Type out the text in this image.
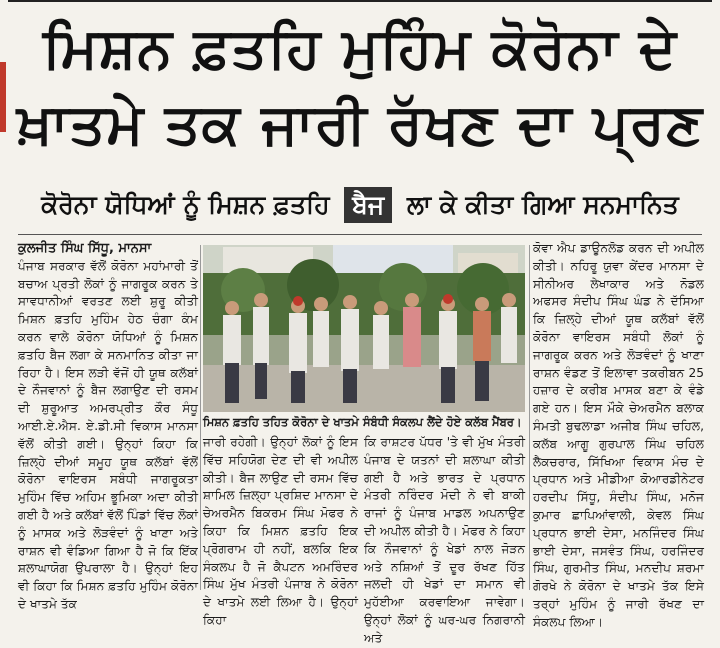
ਮਿਸ਼ਨ ਫ਼ਤਹਿ ਮੁਹਿੰਮ ਕੋਰੋਨਾ ਦੇ
ਖ਼ਾਤਮੇ ਤਕ ਜਾਰੀ ਰੱਖਣ ਦਾ ਪ੍ਰਣ
ਕੋਰੋਨਾ ਯੋਧਿਆਂ ਨੂੰ ਮਿਸ਼ਨ ਫ਼ਤਹਿ ਬੈਜ ਲਾ ਕੇ ਕੀਤਾ ਗਿਆ ਸਨਮਾਨਿਤ

ਕੁਲਜੀਤ ਸਿੰਘ ਸਿੱਧੂ, ਮਾਨਸਾ

ਪੰਜਾਬ ਸਰਕਾਰ ਵੱਲੋਂ ਕੋਰੋਨਾ ਮਹਾਂਮਾਰੀ ਤੋਂ ਬਚਾਅ ਪ੍ਰਤੀ ਲੋਕਾਂ ਨੂੰ ਜਾਗਰੂਕ ਕਰਨ ਤੇ ਸਾਵਧਾਨੀਆਂ ਵਰਤਣ ਲਈ ਸ਼ੁਰੂ ਕੀਤੀ ਮਿਸ਼ਨ ਫ਼ਤਹਿ ਮੁਹਿੰਮ ਹੇਠ ਚੰਗਾ ਕੰਮ ਕਰਨ ਵਾਲੇ ਕੋਰੋਨਾ ਯੋਧਿਆਂ ਨੂੰ ਮਿਸ਼ਨ ਫ਼ਤਹਿ ਬੈਜ ਲਗਾ ਕੇ ਸਨਮਾਨਿਤ ਕੀਤਾ ਜਾ ਰਿਹਾ ਹੈ। ਇਸ ਲੜੀ ਵੱਜੋਂ ਹੀ ਯੂਥ ਕਲੱਬਾਂ ਦੇ ਨੌਜਵਾਨਾਂ ਨੂੰ ਬੈਜ ਲਗਾਉਣ ਦੀ ਰਸਮ ਦੀ ਸ਼ੁਰੂਆਤ ਅਮਰਪ੍ਰੀਤ ਕੌਰ ਸੰਧੂ ਆਈ.ਏ.ਐਸ. ਏ.ਡੀ.ਸੀ ਵਿਕਾਸ ਮਾਨਸਾ ਵੱਲੋਂ ਕੀਤੀ ਗਈ। ਉਨ੍ਹਾਂ ਕਿਹਾ ਕਿ ਜ਼ਿਲ੍ਹੇ ਦੀਆਂ ਸਮੂਹ ਯੂਥ ਕਲੱਬਾਂ ਵੱਲੋਂ ਕੋਰੋਨਾ ਵਾਇਰਸ ਸਬੰਧੀ ਜਾਗਰੂਕਤਾ ਮੁਹਿੰਮ ਵਿੱਚ ਅਹਿਮ ਭੂਮਿਕਾ ਅਦਾ ਕੀਤੀ ਗਈ ਹੈ ਅਤੇ ਕਲੱਬਾਂ ਵੱਲੋਂ ਪਿੰਡਾਂ ਵਿੱਚ ਲੋਕਾਂ ਨੂੰ ਮਾਸਕ ਅਤੇ ਲੋੜਵੰਦਾਂ ਨੂੰ ਖਾਣਾ ਅਤੇ ਰਾਸ਼ਨ ਵੀ ਵੰਡਿਆ ਗਿਆ ਹੈ ਜੋ ਕਿ ਇੱਕ ਸ਼ਲਾਘਾਯੋਗ ਉਪਰਾਲਾ ਹੈ। ਉਨ੍ਹਾਂ ਇਹ ਵੀ ਕਿਹਾ ਕਿ ਮਿਸ਼ਨ ਫ਼ਤਹਿ ਮੁਹਿੰਮ ਕੋਰੋਨਾ ਦੇ ਖਾਤਮੇ ਤੱਕ

ਮਿਸ਼ਨ ਫ਼ਤਹਿ ਤਹਿਤ ਕੋਰੋਨਾ ਦੇ ਖਾਤਮੇ ਸੰਬੰਧੀ ਸੰਕਲਪ ਲੈਂਦੇ ਹੋਏ ਕਲੱਬ ਮੈਂਬਰ।

ਜਾਰੀ ਰਹੇਗੀ। ਉਨ੍ਹਾਂ ਲੋਕਾਂ ਨੂੰ ਇਸ ਵਿੱਚ ਸਹਿਯੋਗ ਦੇਣ ਦੀ ਵੀ ਅਪੀਲ ਕੀਤੀ। ਬੈਜ ਲਾਉਣ ਦੀ ਰਸਮ ਵਿੱਚ ਸ਼ਾਮਿਲ ਜ਼ਿਲ੍ਹਾ ਪ੍ਰਸ਼ਿਦ ਮਾਨਸਾ ਦੇ ਚੇਅਰਮੈਨ ਬਿਕਰਮ ਸਿੰਘ ਮੋਫਰ ਨੇ ਕਿਹਾ ਕਿ ਮਿਸ਼ਨ ਫ਼ਤਹਿ ਇਕ ਪ੍ਰੋਗਰਾਮ ਹੀ ਨਹੀਂ, ਬਲਕਿ ਇਕ ਸੰਕਲਪ ਹੈ ਜੋ ਕੈਪਟਨ ਅਮਰਿੰਦਰ ਸਿੰਘ ਮੁੱਖ ਮੰਤਰੀ ਪੰਜਾਬ ਨੇ ਕੋਰੋਨਾ ਦੇ ਖਾਤਮੇ ਲਈ ਲਿਆ ਹੈ। ਉਨ੍ਹਾਂ ਕਿਹਾ

ਕਿ ਰਾਸ਼ਟਰ ਪੱਧਰ 'ਤੇ ਵੀ ਮੁੱਖ ਮੰਤਰੀ ਪੰਜਾਬ ਦੇ ਯਤਨਾਂ ਦੀ ਸ਼ਲਾਘਾ ਕੀਤੀ ਗਈ ਹੈ ਅਤੇ ਭਾਰਤ ਦੇ ਪ੍ਰਧਾਨ ਮੰਤਰੀ ਨਰਿੰਦਰ ਮੋਦੀ ਨੇ ਵੀ ਬਾਕੀ ਰਾਜਾਂ ਨੂੰ ਪੰਜਾਬ ਮਾਡਲ ਅਪਨਾਉਣ ਦੀ ਅਪੀਲ ਕੀਤੀ ਹੈ। ਮੋਫਰ ਨੇ ਕਿਹਾ ਕਿ ਨੌਜਵਾਨਾਂ ਨੂੰ ਖੇਡਾਂ ਨਾਲ ਜੋੜਨ ਅਤੇ ਨਸ਼ਿਆਂ ਤੋਂ ਦੂਰ ਰੱਖਣ ਹਿੱਤ ਜਲਦੀ ਹੀ ਖੇਡਾਂ ਦਾ ਸਮਾਨ ਵੀ ਮੁਹੱਈਆ ਕਰਵਾਇਆ ਜਾਵੇਗਾ। ਉਨ੍ਹਾਂ ਲੋਕਾਂ ਨੂੰ ਘਰ-ਘਰ ਨਿਗਰਾਨੀ ਅਤੇ

ਕੋਵਾ ਐਪ ਡਾਊਨਲੋਡ ਕਰਨ ਦੀ ਅਪੀਲ ਕੀਤੀ। ਨਹਿਰੂ ਯੁਵਾ ਕੇਂਦਰ ਮਾਨਸਾ ਦੇ ਸੀਨੀਅਰ ਲੇਖਾਕਾਰ ਅਤੇ ਨੋਡਲ ਅਫਸਰ ਸੰਦੀਪ ਸਿੰਘ ਘੰਡ ਨੇ ਦੱਸਿਆ ਕਿ ਜ਼ਿਲ੍ਹੇ ਦੀਆਂ ਯੂਥ ਕਲੱਬਾਂ ਵੱਲੋਂ ਕੋਰੋਨਾ ਵਾਇਰਸ ਸਬੰਧੀ ਲੋਕਾਂ ਨੂੰ ਜਾਗਰੂਕ ਕਰਨ ਅਤੇ ਲੋੜਵੰਦਾਂ ਨੂੰ ਖਾਣਾ ਰਾਸ਼ਨ ਵੰਡਣ ਤੋਂ ਇਲਾਵਾ ਤਕਰੀਬਨ 25 ਹਜ਼ਾਰ ਦੇ ਕਰੀਬ ਮਾਸਕ ਬਣਾ ਕੇ ਵੰਡੇ ਗਏ ਹਨ। ਇਸ ਮੌਕੇ ਚੇਅਰਮੈਨ ਬਲਾਕ ਸੰਮਤੀ ਬੁਢਲਾਡਾ ਅਜੀਬ ਸਿੰਘ ਚਹਿਲ, ਕਲੱਬ ਆਗੂ ਗੁਰਪਾਲ ਸਿੰਘ ਚਹਿਲ ਲੈਕਚਰਾਰ, ਸਿੱਖਿਆ ਵਿਕਾਸ ਮੰਚ ਦੇ ਪ੍ਰਧਾਨ ਅਤੇ ਮੀਡੀਆ ਕੋਆਰਡੀਨੇਟਰ ਹਰਦੀਪ ਸਿੱਧੂ, ਸੰਦੀਪ ਸਿੰਘ, ਮਨੋਜ ਕੁਮਾਰ ਛਾਪਿਆਂਵਾਲੀ, ਕੇਵਲ ਸਿੰਘ ਪ੍ਰਧਾਨ ਭਾਈ ਦੇਸਾ, ਮਨਜਿੰਦਰ ਸਿੰਘ ਭਾਈ ਦੇਸਾ, ਜਸਵੰਤ ਸਿੰਘ, ਹਰਜਿੰਦਰ ਸਿੰਘ, ਗੁਰਮੀਤ ਸਿੰਘ, ਮਨਦੀਪ ਸ਼ਰਮਾ ਗੋਰਖੇ ਨੇ ਕੋਰੋਨਾ ਦੇ ਖਾਤਮੇ ਤੱਕ ਇਸੇ ਤਰ੍ਹਾਂ ਮੁਹਿੰਮ ਨੂੰ ਜਾਰੀ ਰੱਖਣ ਦਾ ਸੰਕਲਪ ਲਿਆ।
